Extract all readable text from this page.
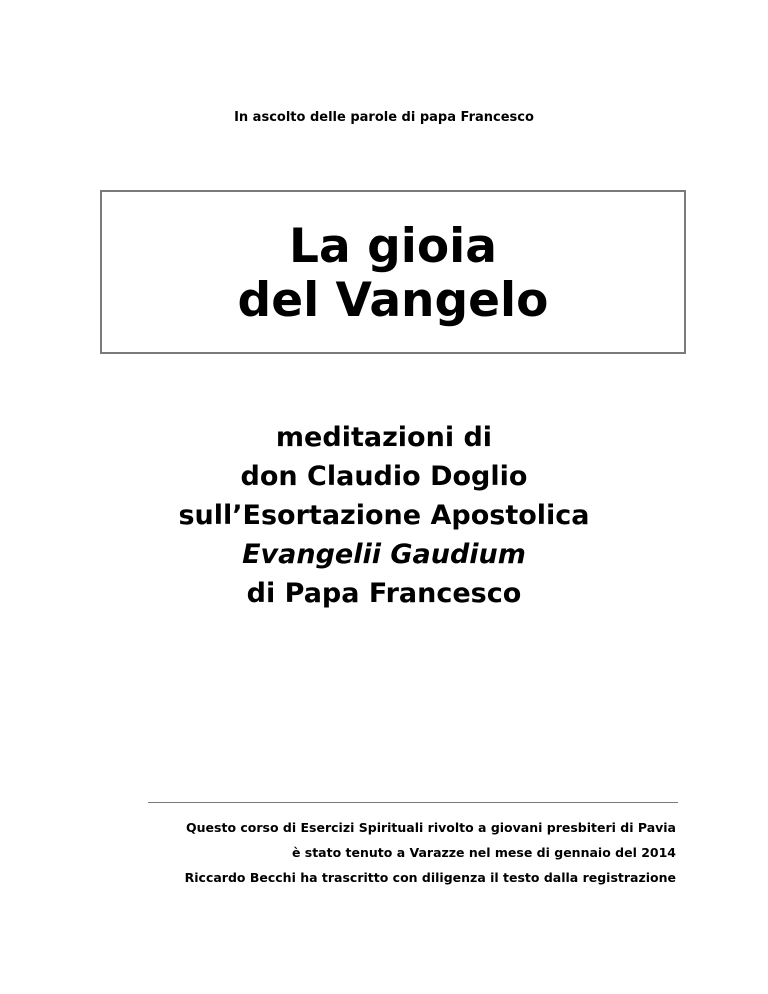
In ascolto delle parole di papa Francesco
La gioia
del Vangelo
meditazioni di
don Claudio Doglio
sull’Esortazione Apostolica
Evangelii Gaudium
di Papa Francesco
Questo corso di Esercizi Spirituali rivolto a giovani presbiteri di Pavia
è stato tenuto a Varazze nel mese di gennaio del 2014
Riccardo Becchi ha trascritto con diligenza il testo dalla registrazione
